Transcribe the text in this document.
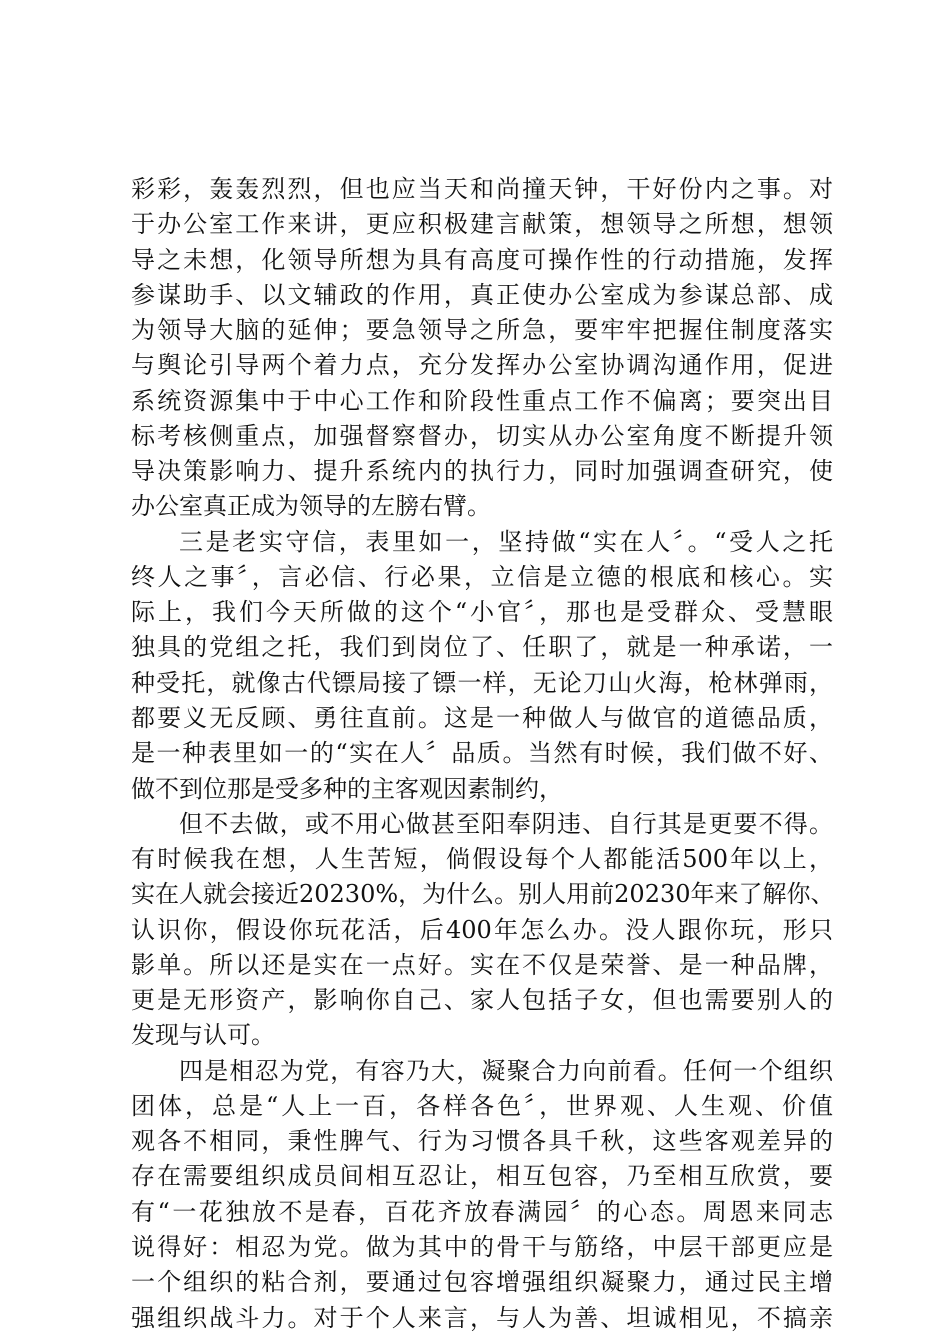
彩彩，轰轰烈烈，但也应当天和尚撞天钟，干好份内之事。对
于办公室工作来讲，更应积极建言献策，想领导之所想，想领
导之未想，化领导所想为具有高度可操作性的行动措施，发挥
参谋助手、以文辅政的作用，真正使办公室成为参谋总部、成
为领导大脑的延伸；要急领导之所急，要牢牢把握住制度落实
与舆论引导两个着力点，充分发挥办公室协调沟通作用，促进
系统资源集中于中心工作和阶段性重点工作不偏离；要突出目
标考核侧重点，加强督察督办，切实从办公室角度不断提升领
导决策影响力、提升系统内的执行力，同时加强调查研究，使
办公室真正成为领导的左膀右臂。
三是老实守信，表里如一，坚持做“实在人〞。“受人之托
终人之事〞，言必信、行必果，立信是立德的根底和核心。实
际上，我们今天所做的这个“小官〞，那也是受群众、受慧眼
独具的党组之托，我们到岗位了、任职了，就是一种承诺，一
种受托，就像古代镖局接了镖一样，无论刀山火海，枪林弹雨，
都要义无反顾、勇往直前。这是一种做人与做官的道德品质，
是一种表里如一的“实在人〞品质。当然有时候，我们做不好、
做不到位那是受多种的主客观因素制约，
但不去做，或不用心做甚至阳奉阴违、自行其是更要不得。
有时候我在想，人生苦短，倘假设每个人都能活500年以上，
实在人就会接近20230%，为什么。别人用前20230年来了解你、
认识你，假设你玩花活，后400年怎么办。没人跟你玩，形只
影单。所以还是实在一点好。实在不仅是荣誉、是一种品牌，
更是无形资产，影响你自己、家人包括子女，但也需要别人的
发现与认可。
四是相忍为党，有容乃大，凝聚合力向前看。任何一个组织
团体，总是“人上一百，各样各色〞，世界观、人生观、价值
观各不相同，秉性脾气、行为习惯各具千秋，这些客观差异的
存在需要组织成员间相互忍让，相互包容，乃至相互欣赏，要
有“一花独放不是春，百花齐放春满园〞的心态。周恩来同志
说得好：相忍为党。做为其中的骨干与筋络，中层干部更应是
一个组织的粘合剂，要通过包容增强组织凝聚力，通过民主增
强组织战斗力。对于个人来言，与人为善、坦诚相见，不搞亲
